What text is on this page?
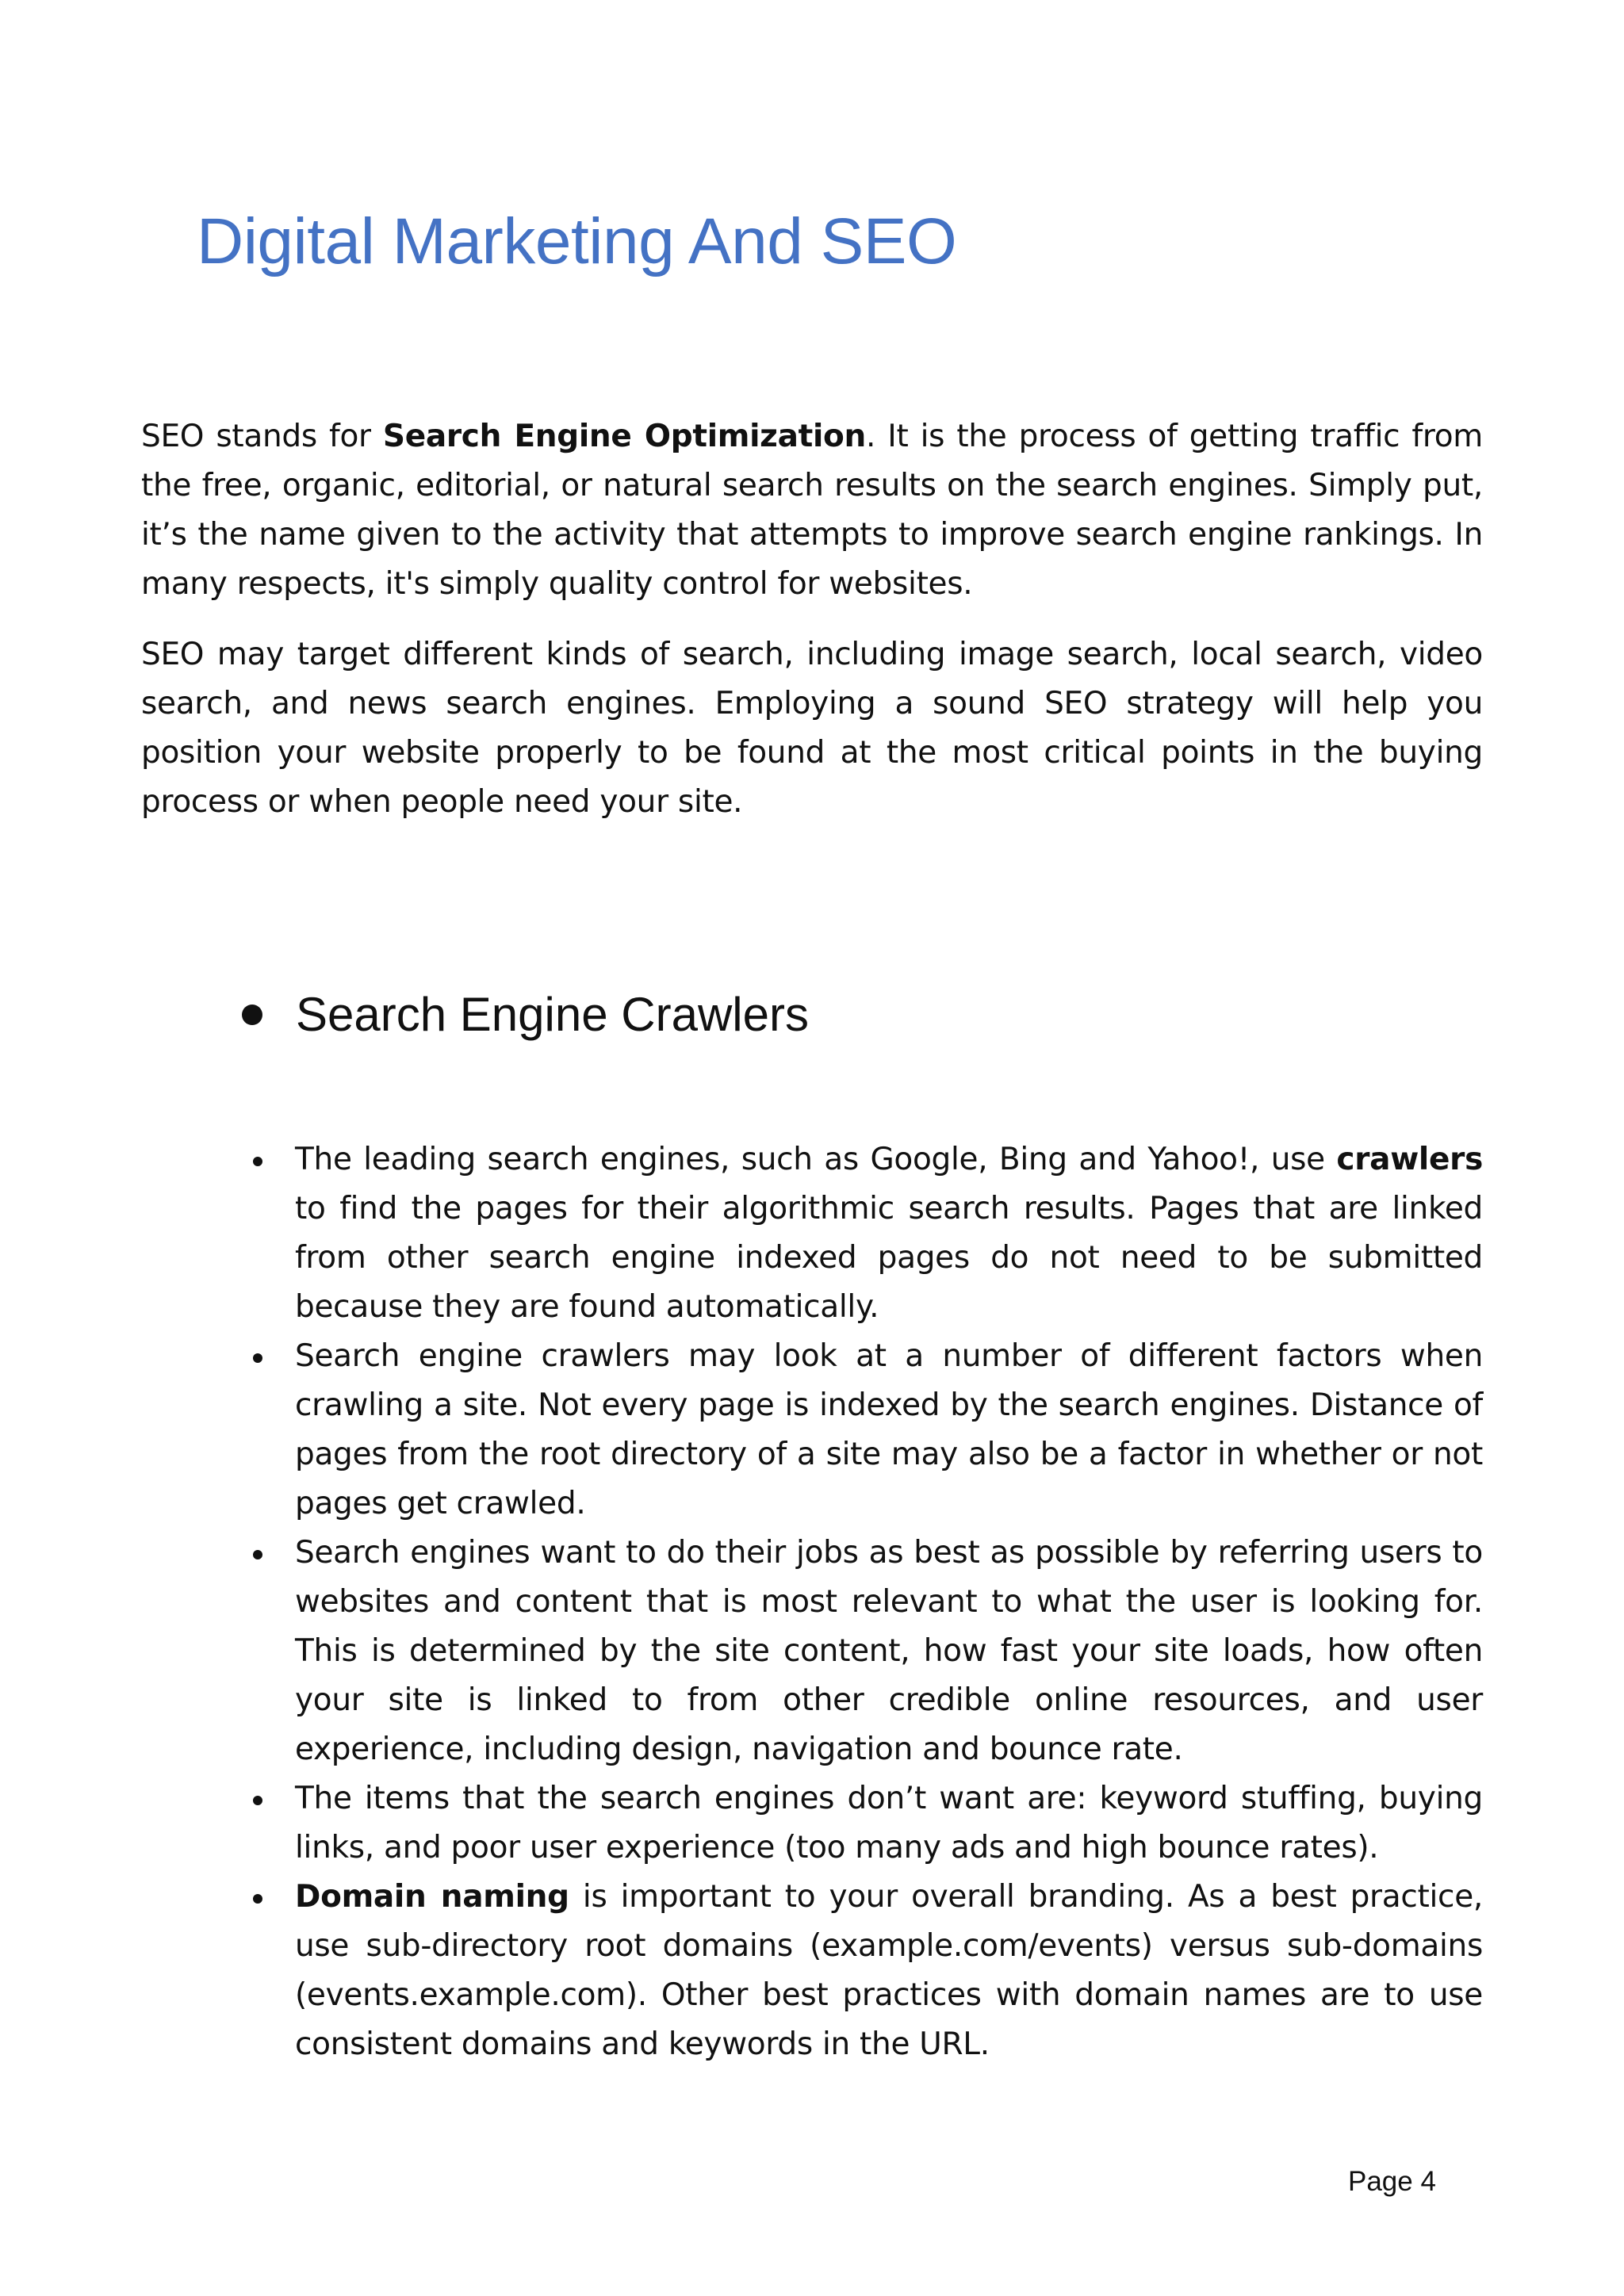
Digital Marketing And SEO

SEO stands for Search Engine Optimization. It is the process of getting traffic from the free, organic, editorial, or natural search results on the search engines. Simply put, it’s the name given to the activity that attempts to improve search engine rankings. In many respects, it's simply quality control for websites.

SEO may target different kinds of search, including image search, local search, video search, and news search engines. Employing a sound SEO strategy will help you position your website properly to be found at the most critical points in the buying process or when people need your site.

Search Engine Crawlers
The leading search engines, such as Google, Bing and Yahoo!, use crawlers to find the pages for their algorithmic search results. Pages that are linked from other search engine indexed pages do not need to be submitted because they are found automatically.
Search engine crawlers may look at a number of different factors when crawling a site. Not every page is indexed by the search engines. Distance of pages from the root directory of a site may also be a factor in whether or not pages get crawled.
Search engines want to do their jobs as best as possible by referring users to websites and content that is most relevant to what the user is looking for. This is determined by the site content, how fast your site loads, how often your site is linked to from other credible online resources, and user experience, including design, navigation and bounce rate.
The items that the search engines don’t want are: keyword stuffing, buying links, and poor user experience (too many ads and high bounce rates).
Domain naming is important to your overall branding. As a best practice, use sub-directory root domains (example.com/events) versus sub-domains (events.example.com). Other best practices with domain names are to use consistent domains and keywords in the URL.

Page 4
